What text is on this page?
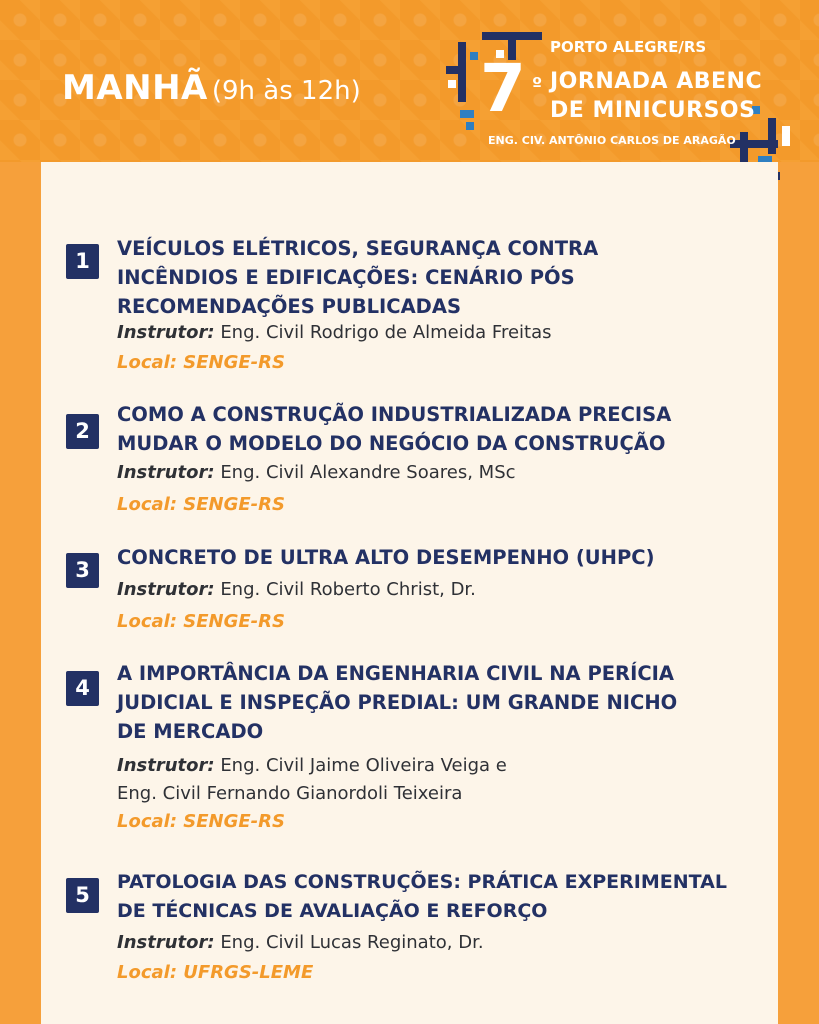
MANHÃ (9h às 12h)
PORTO ALEGRE/RS
7 º JORNADA ABENC
DE MINICURSOS
ENG. CIV. ANTÔNIO CARLOS DE ARAGÃO
1
VEÍCULOS ELÉTRICOS, SEGURANÇA CONTRA
INCÊNDIOS E EDIFICAÇÕES: CENÁRIO PÓS
RECOMENDAÇÕES PUBLICADAS
Instrutor: Eng. Civil Rodrigo de Almeida Freitas
Local: SENGE-RS
2
COMO A CONSTRUÇÃO INDUSTRIALIZADA PRECISA
MUDAR O MODELO DO NEGÓCIO DA CONSTRUÇÃO
Instrutor: Eng. Civil Alexandre Soares, MSc
Local: SENGE-RS
3
CONCRETO DE ULTRA ALTO DESEMPENHO (UHPC)
Instrutor: Eng. Civil Roberto Christ, Dr.
Local: SENGE-RS
4
A IMPORTÂNCIA DA ENGENHARIA CIVIL NA PERÍCIA
JUDICIAL E INSPEÇÃO PREDIAL: UM GRANDE NICHO
DE MERCADO
Instrutor: Eng. Civil Jaime Oliveira Veiga e
Eng. Civil Fernando Gianordoli Teixeira
Local: SENGE-RS
5
PATOLOGIA DAS CONSTRUÇÕES: PRÁTICA EXPERIMENTAL
DE TÉCNICAS DE AVALIAÇÃO E REFORÇO
Instrutor: Eng. Civil Lucas Reginato, Dr.
Local: UFRGS-LEME
